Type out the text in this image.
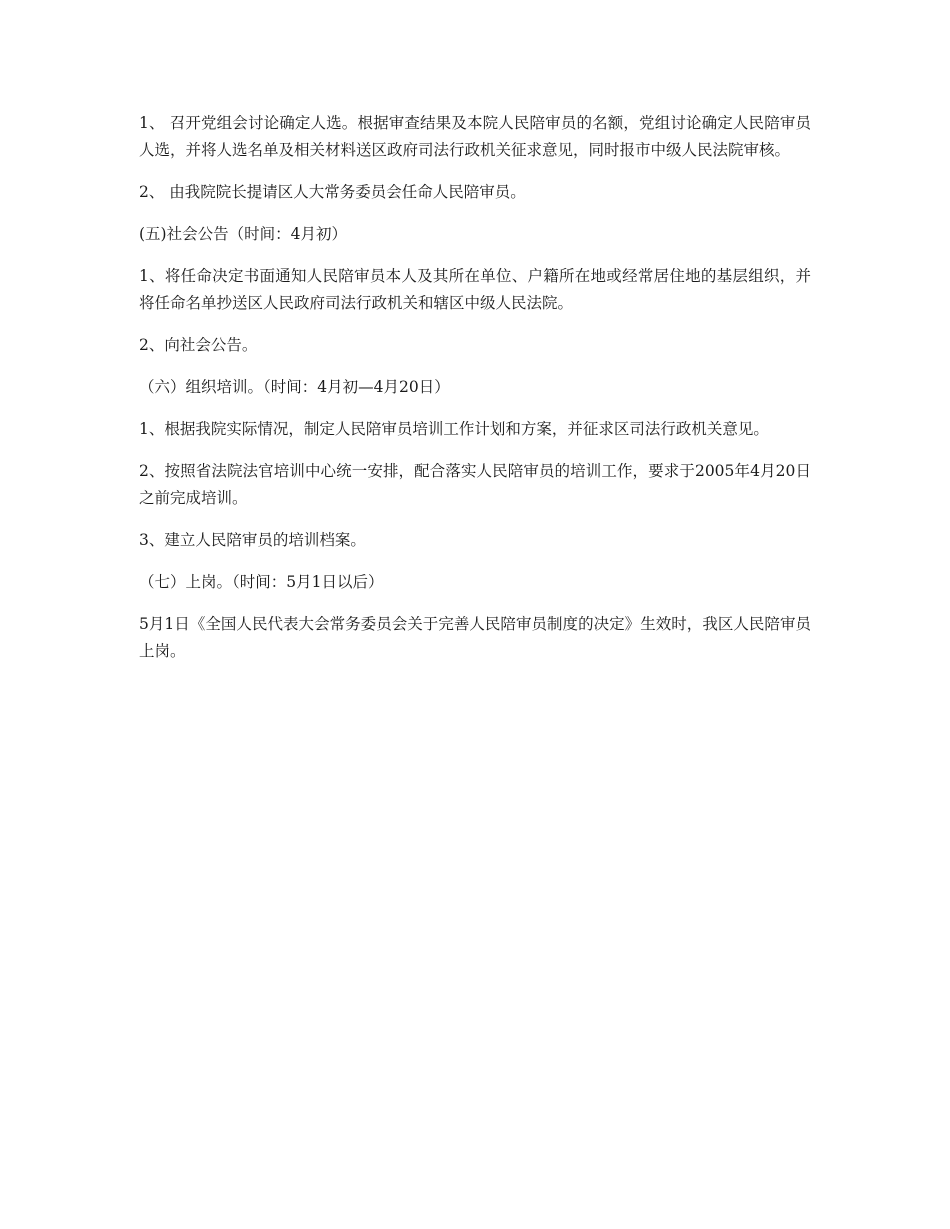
1、 召开党组会讨论确定人选。根据审查结果及本院人民陪审员的名额，党组讨论确定人民陪审员人选，并将人选名单及相关材料送区政府司法行政机关征求意见，同时报市中级人民法院审核。

2、 由我院院长提请区人大常务委员会任命人民陪审员。

(五)社会公告（时间：4月初）

1、将任命决定书面通知人民陪审员本人及其所在单位、户籍所在地或经常居住地的基层组织，并将任命名单抄送区人民政府司法行政机关和辖区中级人民法院。

2、向社会公告。

（六）组织培训。（时间：4月初—4月20日）

1、根据我院实际情况，制定人民陪审员培训工作计划和方案，并征求区司法行政机关意见。

2、按照省法院法官培训中心统一安排，配合落实人民陪审员的培训工作，要求于2005年4月20日之前完成培训。

3、建立人民陪审员的培训档案。

（七）上岗。（时间：5月1日以后）

5月1日《全国人民代表大会常务委员会关于完善人民陪审员制度的决定》生效时，我区人民陪审员上岗。
